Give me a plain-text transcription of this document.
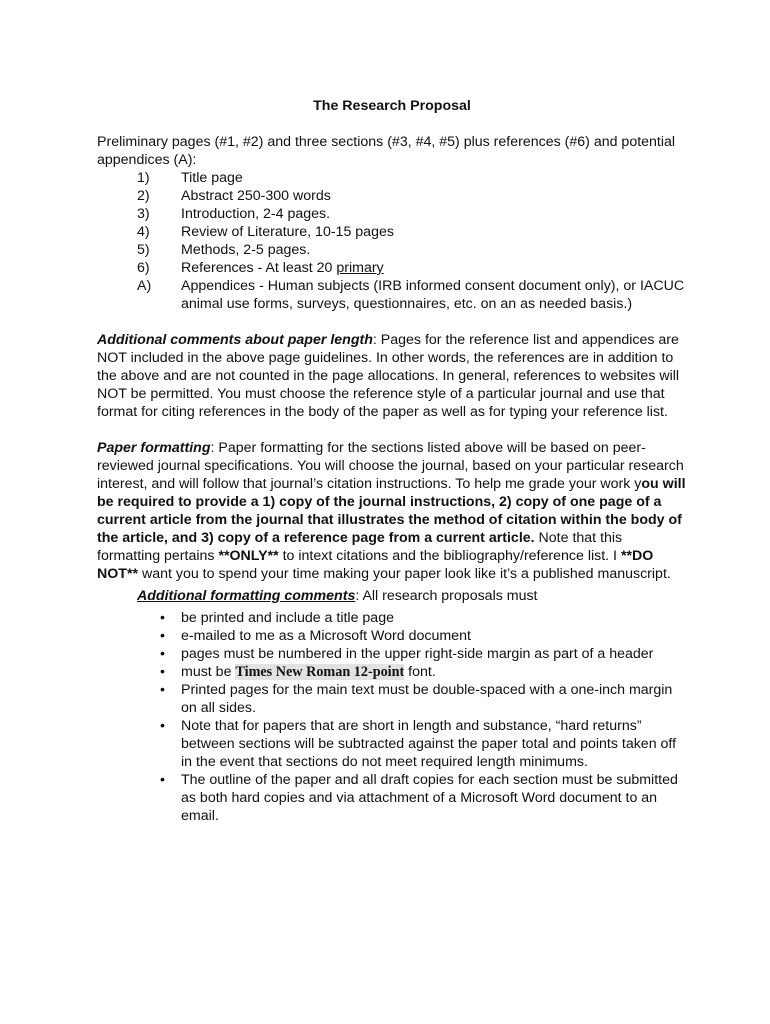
The Research Proposal

Preliminary pages (#1, #2) and three sections (#3, #4, #5) plus references (#6) and potential appendices (A):

1)	Title page
2)	Abstract 250-300 words
3)	Introduction, 2-4 pages.
4)	Review of Literature, 10-15 pages
5)	Methods, 2-5 pages.
6)	References - At least 20 primary
A)	Appendices - Human subjects (IRB informed consent document only), or IACUC animal use forms, surveys, questionnaires, etc. on an as needed basis.)

Additional comments about paper length: Pages for the reference list and appendices are NOT included in the above page guidelines. In other words, the references are in addition to the above and are not counted in the page allocations. In general, references to websites will NOT be permitted. You must choose the reference style of a particular journal and use that format for citing references in the body of the paper as well as for typing your reference list.

Paper formatting: Paper formatting for the sections listed above will be based on peer-reviewed journal specifications. You will choose the journal, based on your particular research interest, and will follow that journal’s citation instructions. To help me grade your work you will be required to provide a 1) copy of the journal instructions, 2) copy of one page of a current article from the journal that illustrates the method of citation within the body of the article, and 3) copy of a reference page from a current article. Note that this formatting pertains **ONLY** to intext citations and the bibliography/reference list. I **DO NOT** want you to spend your time making your paper look like it’s a published manuscript.

Additional formatting comments: All research proposals must

•	be printed and include a title page
•	e-mailed to me as a Microsoft Word document
•	pages must be numbered in the upper right-side margin as part of a header
•	must be Times New Roman 12-point font.
•	Printed pages for the main text must be double-spaced with a one-inch margin on all sides.
•	Note that for papers that are short in length and substance, “hard returns” between sections will be subtracted against the paper total and points taken off in the event that sections do not meet required length minimums.
•	The outline of the paper and all draft copies for each section must be submitted as both hard copies and via attachment of a Microsoft Word document to an email.
